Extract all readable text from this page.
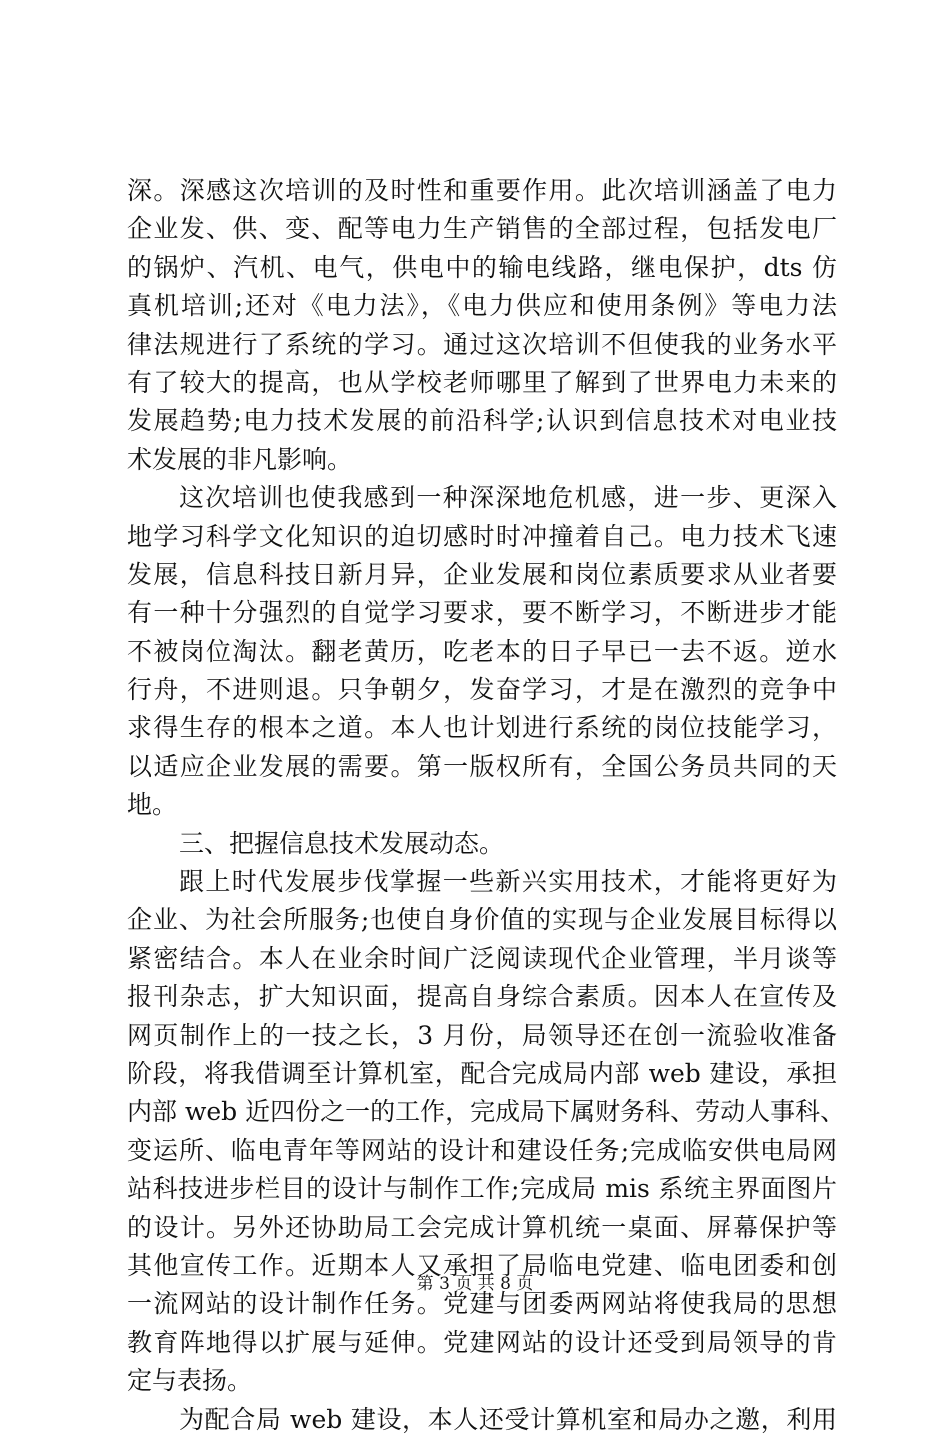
深。深感这次培训的及时性和重要作用。此次培训涵盖了电力
企业发、供、变、配等电力生产销售的全部过程，包括发电厂
的锅炉、汽机、电气，供电中的输电线路，继电保护，dts 仿
真机培训;还对《电力法》，《电力供应和使用条例》等电力法
律法规进行了系统的学习。通过这次培训不但使我的业务水平
有了较大的提高，也从学校老师哪里了解到了世界电力未来的
发展趋势;电力技术发展的前沿科学;认识到信息技术对电业技
术发展的非凡影响。
这次培训也使我感到一种深深地危机感，进一步、更深入
地学习科学文化知识的迫切感时时冲撞着自己。电力技术飞速
发展，信息科技日新月异，企业发展和岗位素质要求从业者要
有一种十分强烈的自觉学习要求，要不断学习，不断进步才能
不被岗位淘汰。翻老黄历，吃老本的日子早已一去不返。逆水
行舟，不进则退。只争朝夕，发奋学习，才是在激烈的竞争中
求得生存的根本之道。本人也计划进行系统的岗位技能学习，
以适应企业发展的需要。第一版权所有，全国公务员共同的天
地。
三、把握信息技术发展动态。
跟上时代发展步伐掌握一些新兴实用技术，才能将更好为
企业、为社会所服务;也使自身价值的实现与企业发展目标得以
紧密结合。本人在业余时间广泛阅读现代企业管理，半月谈等
报刊杂志，扩大知识面，提高自身综合素质。因本人在宣传及
网页制作上的一技之长，3 月份，局领导还在创一流验收准备
阶段，将我借调至计算机室，配合完成局内部 web 建设，承担
内部 web 近四份之一的工作，完成局下属财务科、劳动人事科、
变运所、临电青年等网站的设计和建设任务;完成临安供电局网
站科技进步栏目的设计与制作工作;完成局 mis 系统主界面图片
的设计。另外还协助局工会完成计算机统一桌面、屏幕保护等
其他宣传工作。近期本人又承担了局临电党建、临电团委和创
一流网站的设计制作任务。党建与团委两网站将使我局的思想
教育阵地得以扩展与延伸。党建网站的设计还受到局领导的肯
定与表扬。
为配合局 web 建设，本人还受计算机室和局办之邀，利用
第 3 页 共 8 页
